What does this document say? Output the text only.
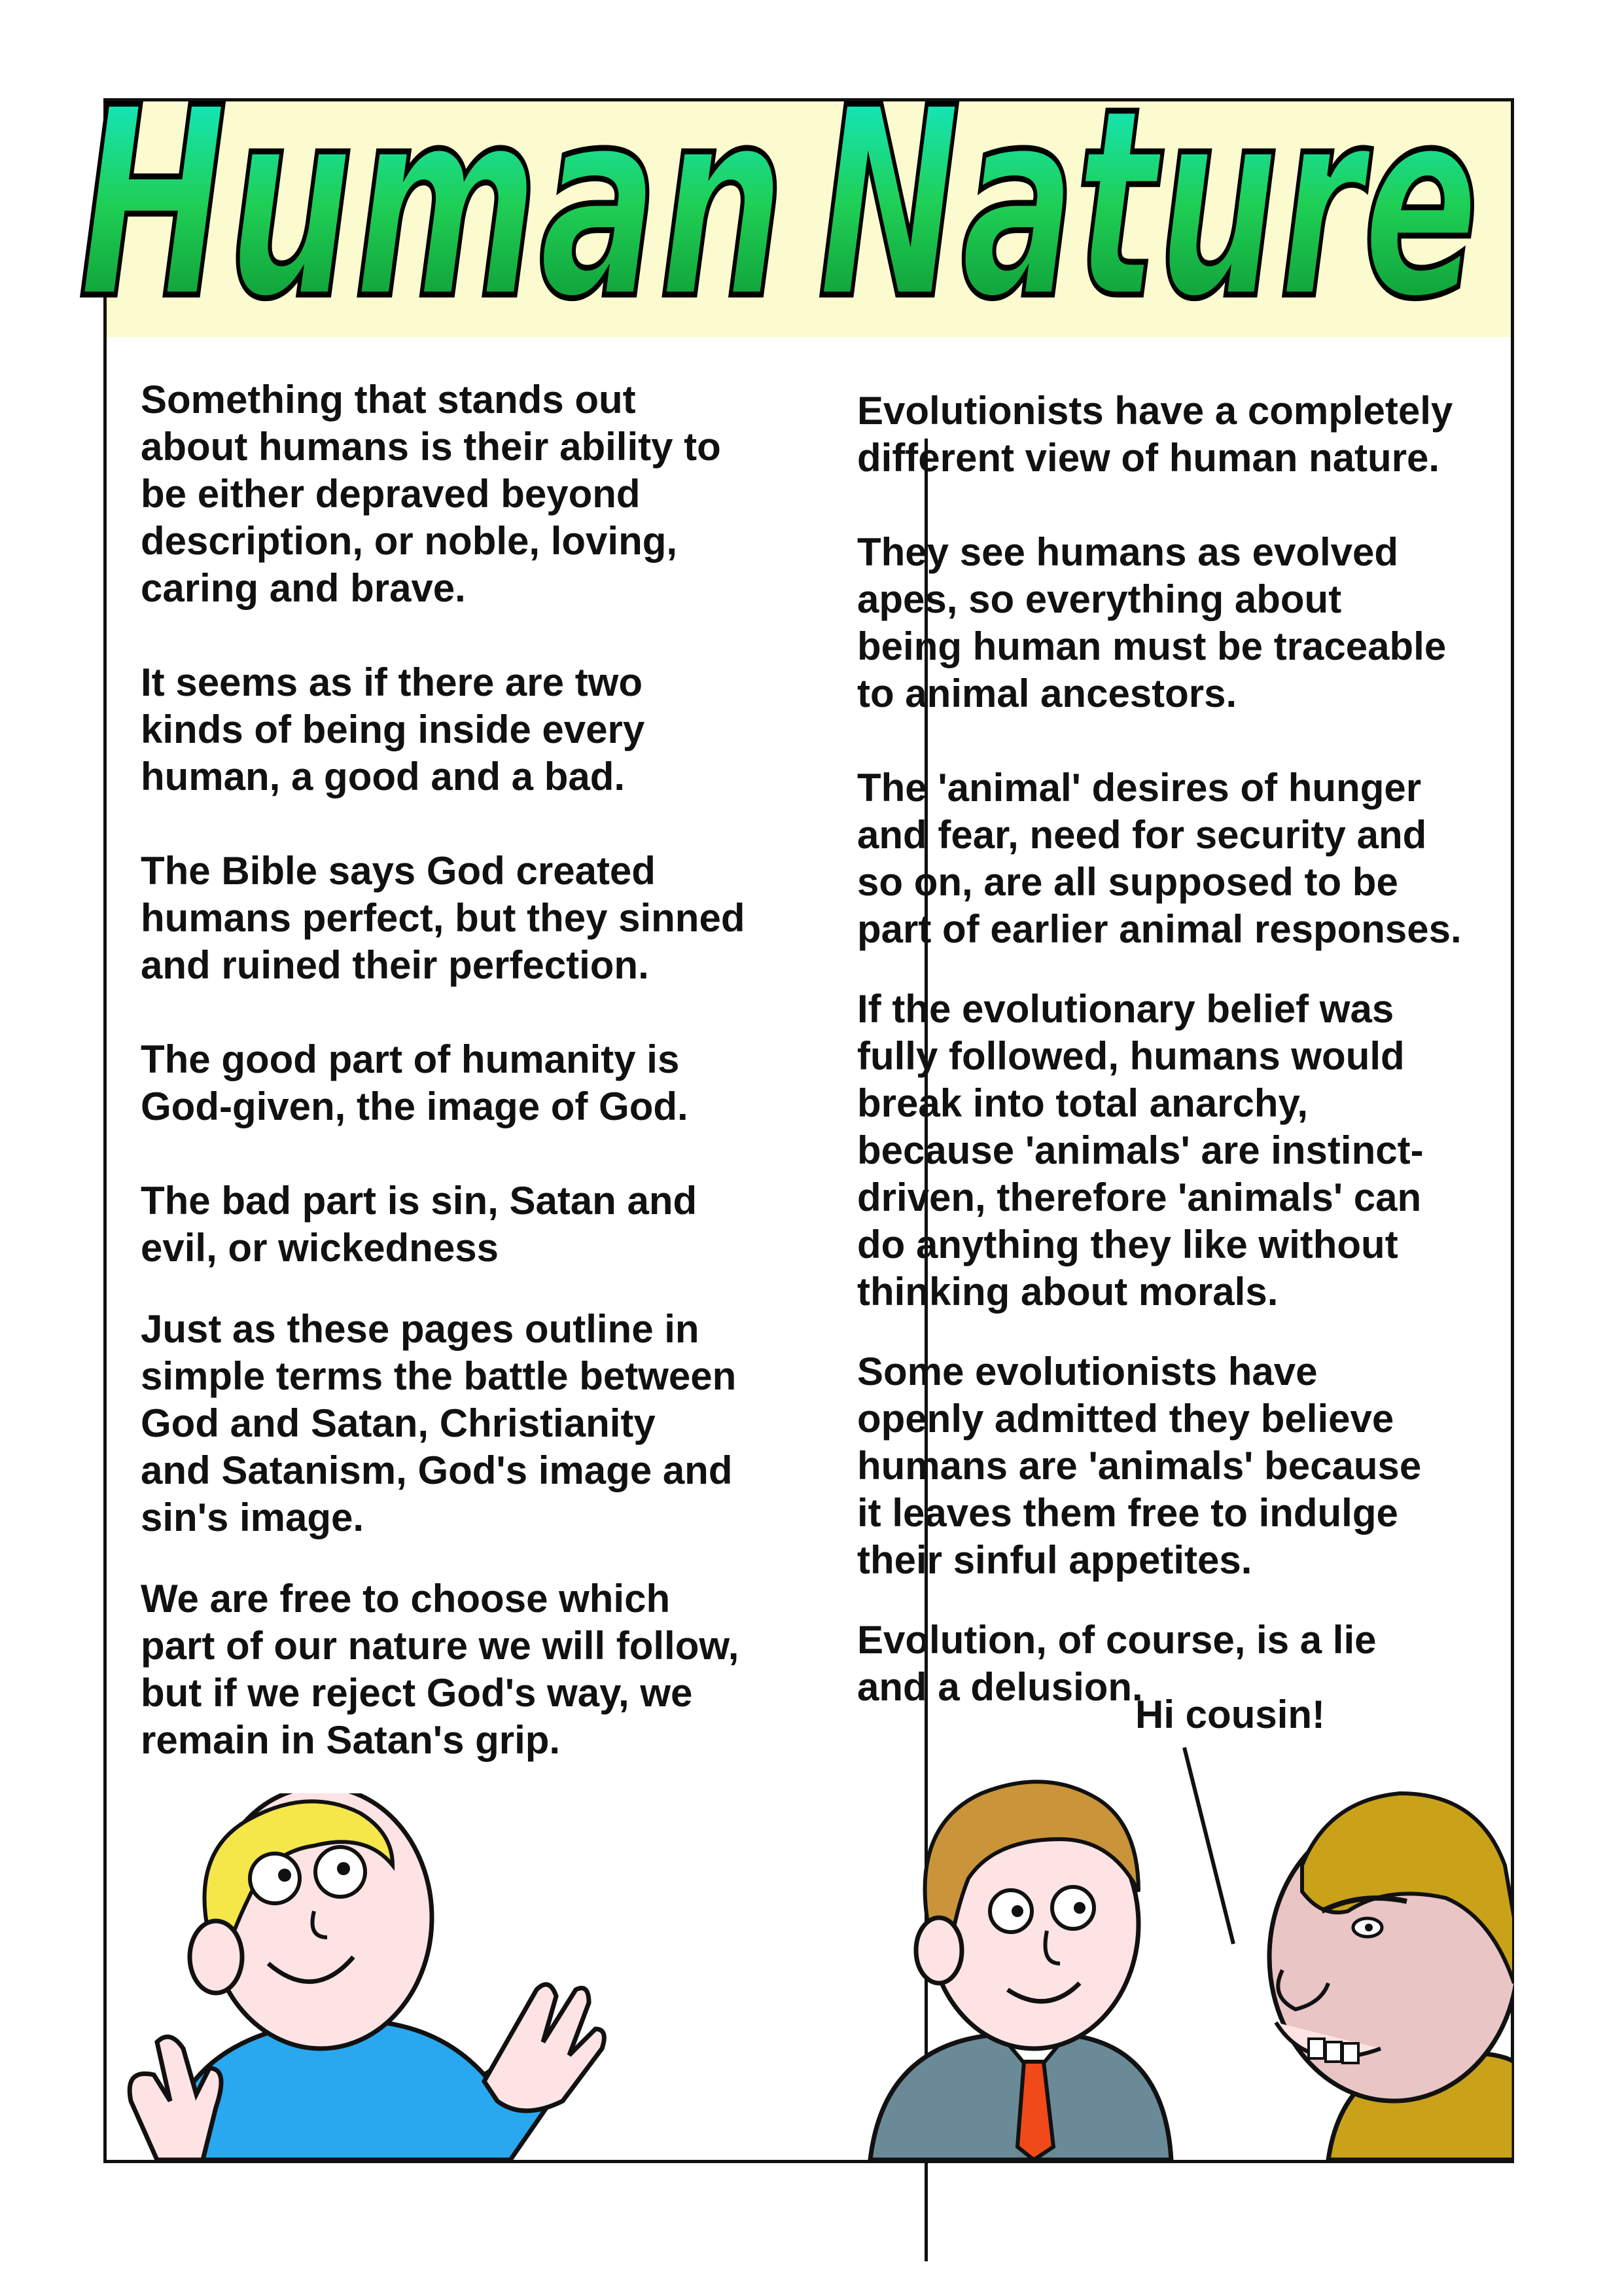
Human Nature

Something that stands out
about humans is their ability to
be either depraved beyond
description, or noble, loving,
caring and brave.

It seems as if there are two
kinds of being inside every
human, a good and a bad.

The Bible says God created
humans perfect, but they sinned
and ruined their perfection.

The good part of humanity is
God-given, the image of God.

The bad part is sin, Satan and
evil, or wickedness

Just as these pages outline in
simple terms the battle between
God and Satan, Christianity
and Satanism, God's image and
sin's image.

We are free to choose which
part of our nature we will follow,
but if we reject God's way, we
remain in Satan's grip.

Evolutionists have a completely
different view of human nature.

They see humans as evolved
apes, so everything about
being human must be traceable
to animal ancestors.

The 'animal' desires of hunger
and fear, need for security and
so on, are all supposed to be
part of earlier animal responses.

If the evolutionary belief was
fully followed, humans would
break into total anarchy,
because 'animals' are instinct-
driven, therefore 'animals' can
do anything they like without
thinking about morals.

Some evolutionists have
openly admitted they believe
humans are 'animals' because
it leaves them free to indulge
their sinful appetites.

Evolution, of course, is a lie
and a delusion.

Hi cousin!
